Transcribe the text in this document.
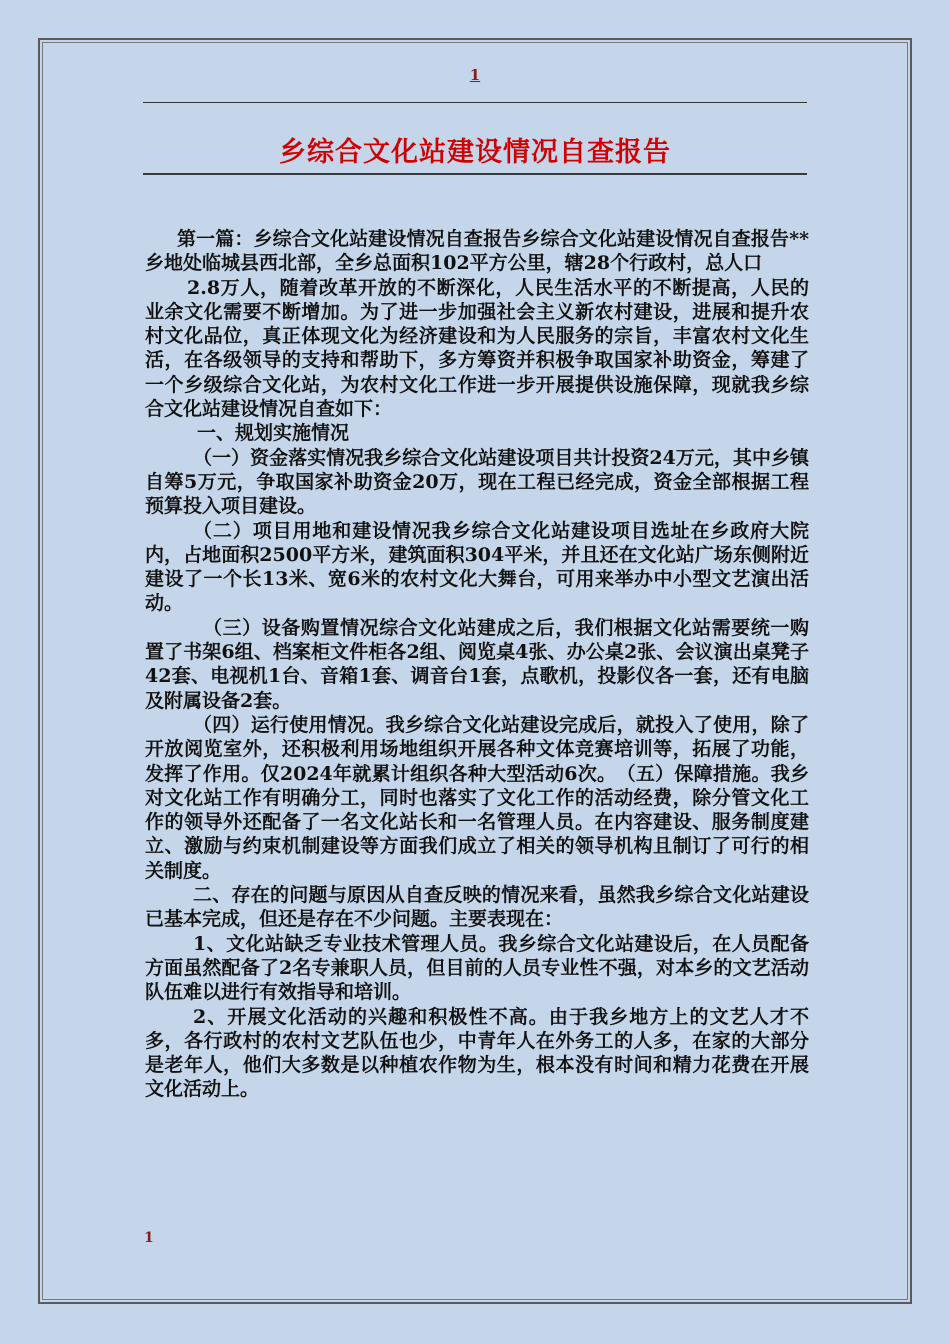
1
乡综合文化站建设情况自查报告

第一篇：乡综合文化站建设情况自查报告乡综合文化站建设情况自查报告**乡地处临城县西北部，全乡总面积102平方公里，辖28个行政村，总人口

2.8万人，随着改革开放的不断深化，人民生活水平的不断提高，人民的业余文化需要不断增加。为了进一步加强社会主义新农村建设，进展和提升农村文化品位，真正体现文化为经济建设和为人民服务的宗旨，丰富农村文化生活，在各级领导的支持和帮助下，多方筹资并积极争取国家补助资金，筹建了一个乡级综合文化站，为农村文化工作进一步开展提供设施保障，现就我乡综合文化站建设情况自查如下：

一、规划实施情况

（一）资金落实情况我乡综合文化站建设项目共计投资24万元，其中乡镇自筹5万元，争取国家补助资金20万，现在工程已经完成，资金全部根据工程预算投入项目建设。

（二）项目用地和建设情况我乡综合文化站建设项目选址在乡政府大院内，占地面积2500平方米，建筑面积304平米，并且还在文化站广场东侧附近建设了一个长13米、宽6米的农村文化大舞台，可用来举办中小型文艺演出活动。

（三）设备购置情况综合文化站建成之后，我们根据文化站需要统一购置了书架6组、档案柜文件柜各2组、阅览桌4张、办公桌2张、会议演出桌凳子42套、电视机1台、音箱1套、调音台1套，点歌机，投影仪各一套，还有电脑及附属设备2套。

（四）运行使用情况。我乡综合文化站建设完成后，就投入了使用，除了开放阅览室外，还积极利用场地组织开展各种文体竞赛培训等，拓展了功能，发挥了作用。仅2024年就累计组织各种大型活动6次。　（五）保障措施。我乡对文化站工作有明确分工，同时也落实了文化工作的活动经费，除分管文化工作的领导外还配备了一名文化站长和一名管理人员。在内容建设、服务制度建立、激励与约束机制建设等方面我们成立了相关的领导机构且制订了可行的相关制度。

二、存在的问题与原因从自查反映的情况来看，虽然我乡综合文化站建设已基本完成，但还是存在不少问题。主要表现在：

1、文化站缺乏专业技术管理人员。我乡综合文化站建设后，在人员配备方面虽然配备了2名专兼职人员，但目前的人员专业性不强，对本乡的文艺活动队伍难以进行有效指导和培训。

2、开展文化活动的兴趣和积极性不高。由于我乡地方上的文艺人才不多，各行政村的农村文艺队伍也少，中青年人在外务工的人多，在家的大部分是老年人，他们大多数是以种植农作物为生，根本没有时间和精力花费在开展文化活动上。

1
